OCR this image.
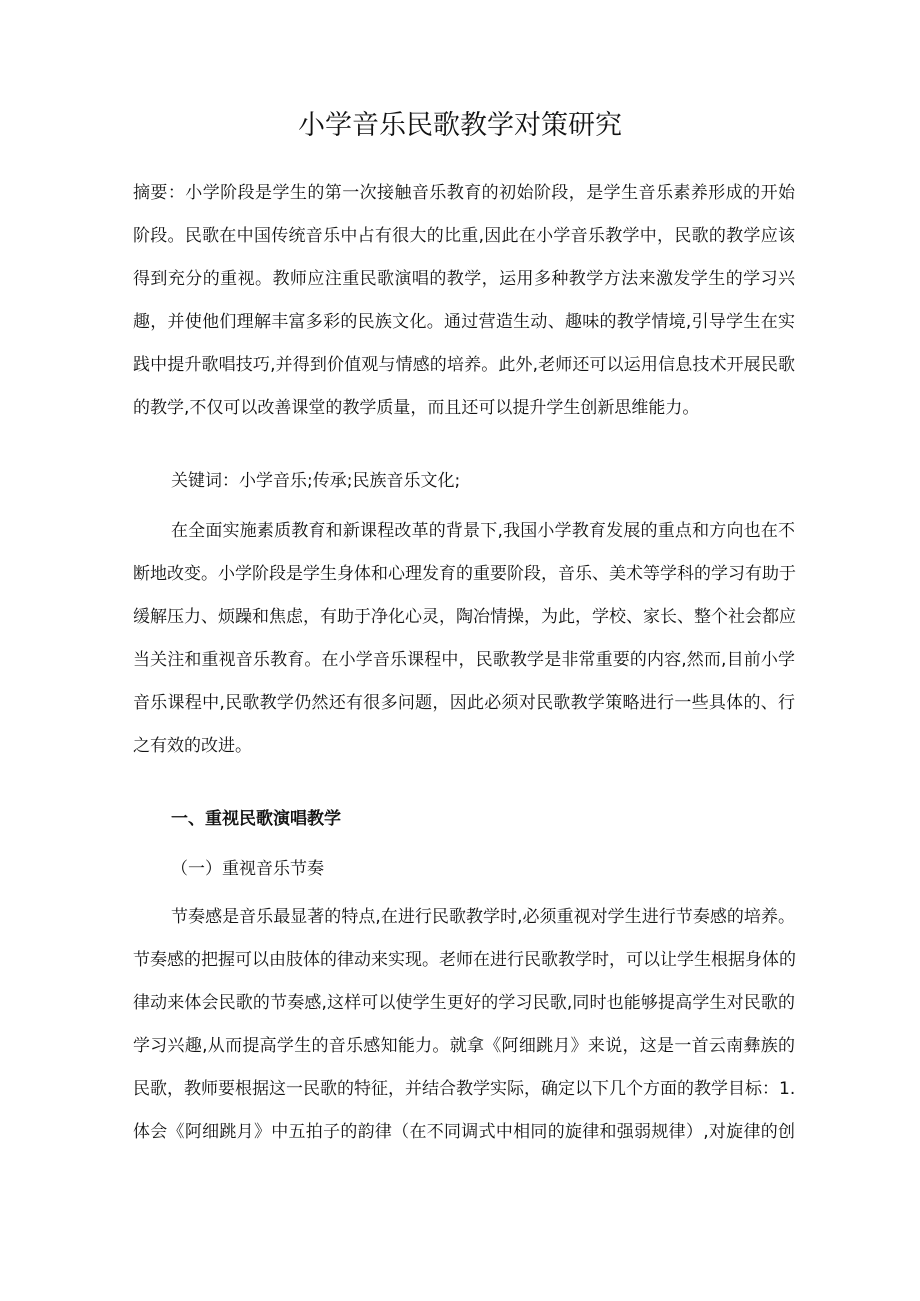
小学音乐民歌教学对策研究
摘要：小学阶段是学生的第一次接触音乐教育的初始阶段，是学生音乐素养形成的开始
阶段。民歌在中国传统音乐中占有很大的比重,因此在小学音乐教学中，民歌的教学应该
得到充分的重视。教师应注重民歌演唱的教学，运用多种教学方法来激发学生的学习兴
趣，并使他们理解丰富多彩的民族文化。通过营造生动、趣味的教学情境,引导学生在实
践中提升歌唱技巧,并得到价值观与情感的培养。此外,老师还可以运用信息技术开展民歌
的教学,不仅可以改善课堂的教学质量，而且还可以提升学生创新思维能力。
关键词：小学音乐;传承;民族音乐文化;
在全面实施素质教育和新课程改革的背景下,我国小学教育发展的重点和方向也在不
断地改变。小学阶段是学生身体和心理发育的重要阶段，音乐、美术等学科的学习有助于
缓解压力、烦躁和焦虑，有助于净化心灵，陶冶情操，为此，学校、家长、整个社会都应
当关注和重视音乐教育。在小学音乐课程中，民歌教学是非常重要的内容,然而,目前小学
音乐课程中,民歌教学仍然还有很多问题，因此必须对民歌教学策略进行一些具体的、行
之有效的改进。
一、重视民歌演唱教学
（一）重视音乐节奏
节奏感是音乐最显著的特点,在进行民歌教学时,必须重视对学生进行节奏感的培养。
节奏感的把握可以由肢体的律动来实现。老师在进行民歌教学时，可以让学生根据身体的
律动来体会民歌的节奏感,这样可以使学生更好的学习民歌,同时也能够提高学生对民歌的
学习兴趣,从而提高学生的音乐感知能力。就拿《阿细跳月》来说，这是一首云南彝族的
民歌，教师要根据这一民歌的特征，并结合教学实际，确定以下几个方面的教学目标：1.
体会《阿细跳月》中五拍子的韵律（在不同调式中相同的旋律和强弱规律）,对旋律的创
